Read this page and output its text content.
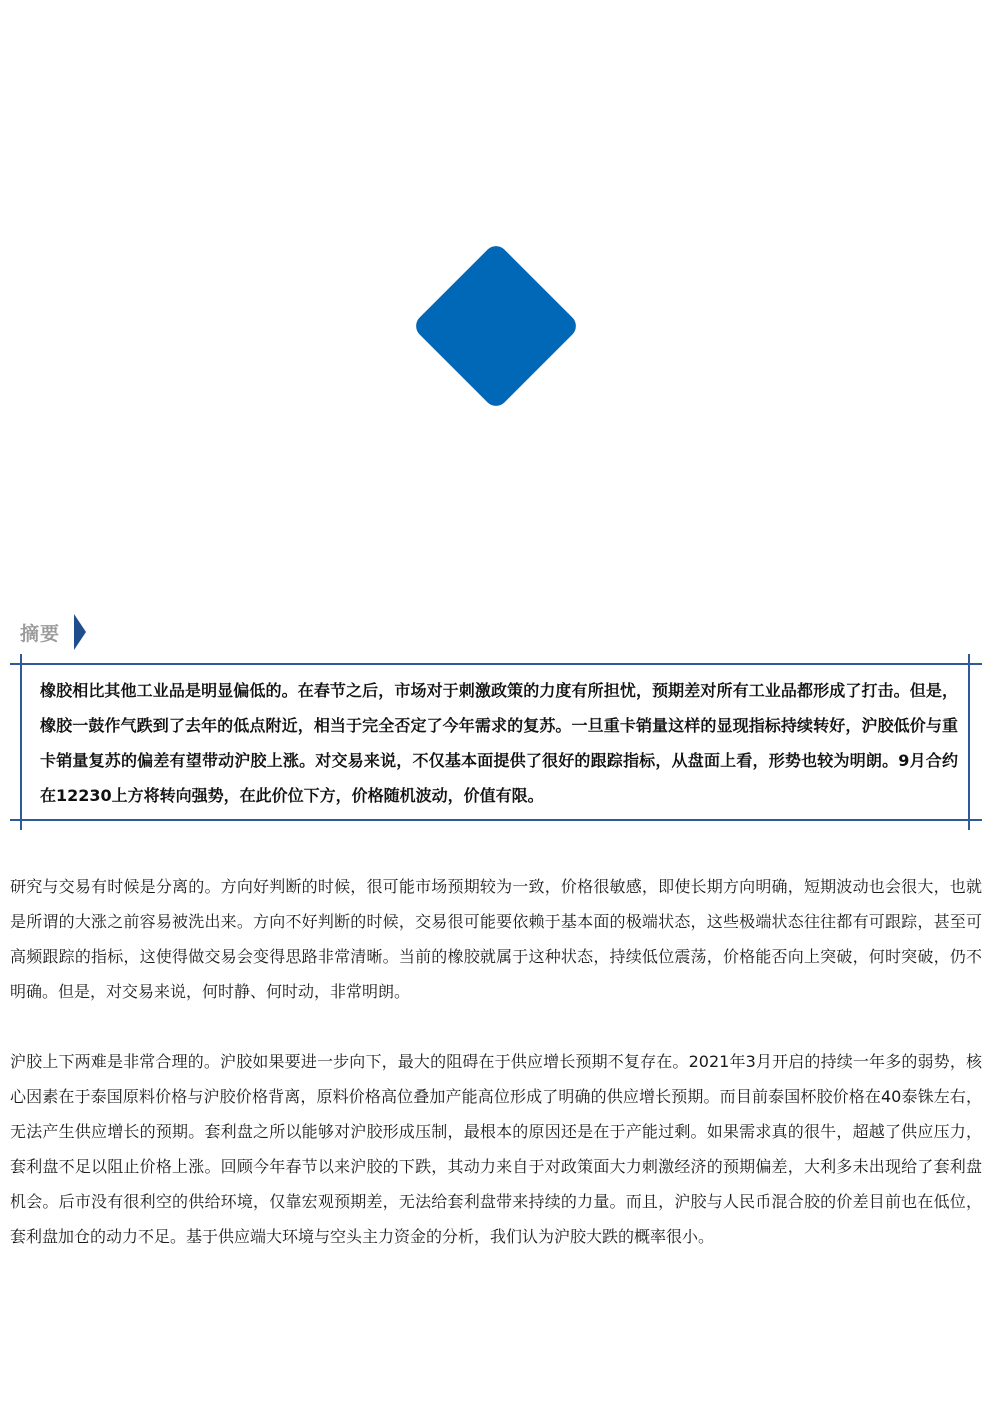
摘要
橡胶相比其他工业品是明显偏低的。在春节之后，市场对于刺激政策的力度有所担忧，预期差对所有工业品都形成了打击。但是，橡胶一鼓作气跌到了去年的低点附近，相当于完全否定了今年需求的复苏。一旦重卡销量这样的显现指标持续转好，沪胶低价与重卡销量复苏的偏差有望带动沪胶上涨。对交易来说，不仅基本面提供了很好的跟踪指标，从盘面上看，形势也较为明朗。9月合约在12230上方将转向强势，在此价位下方，价格随机波动，价值有限。
研究与交易有时候是分离的。方向好判断的时候，很可能市场预期较为一致，价格很敏感，即使长期方向明确，短期波动也会很大，也就是所谓的大涨之前容易被洗出来。方向不好判断的时候，交易很可能要依赖于基本面的极端状态，这些极端状态往往都有可跟踪，甚至可高频跟踪的指标，这使得做交易会变得思路非常清晰。当前的橡胶就属于这种状态，持续低位震荡，价格能否向上突破，何时突破，仍不明确。但是，对交易来说，何时静、何时动，非常明朗。
沪胶上下两难是非常合理的。沪胶如果要进一步向下，最大的阻碍在于供应增长预期不复存在。2021年3月开启的持续一年多的弱势，核心因素在于泰国原料价格与沪胶价格背离，原料价格高位叠加产能高位形成了明确的供应增长预期。而目前泰国杯胶价格在40泰铢左右，无法产生供应增长的预期。套利盘之所以能够对沪胶形成压制，最根本的原因还是在于产能过剩。如果需求真的很牛，超越了供应压力，套利盘不足以阻止价格上涨。回顾今年春节以来沪胶的下跌，其动力来自于对政策面大力刺激经济的预期偏差，大利多未出现给了套利盘机会。后市没有很利空的供给环境，仅靠宏观预期差，无法给套利盘带来持续的力量。而且，沪胶与人民币混合胶的价差目前也在低位，套利盘加仓的动力不足。基于供应端大环境与空头主力资金的分析，我们认为沪胶大跌的概率很小。
